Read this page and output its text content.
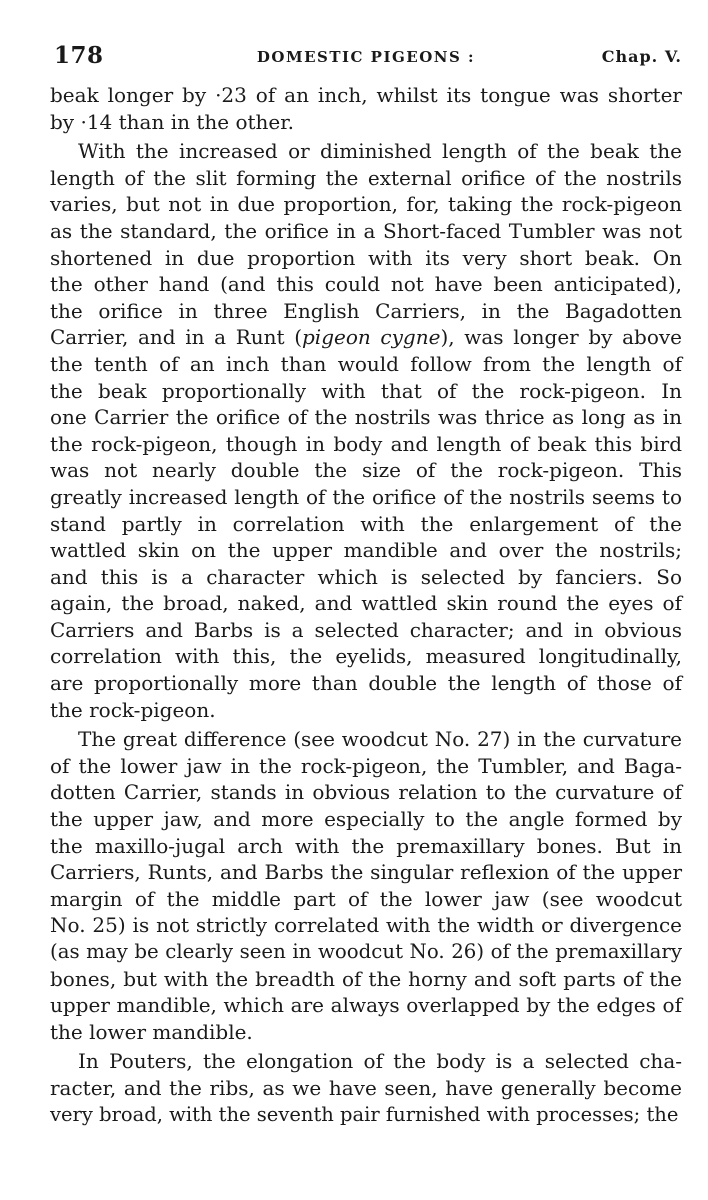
178	DOMESTIC PIGEONS :	Chap. V.
beak longer by ·23 of an inch, whilst its tongue was shorter
by ·14 than in the other.
With the increased or diminished length of the beak the
length of the slit forming the external orifice of the nostrils
varies, but not in due proportion, for, taking the rock-pigeon
as the standard, the orifice in a Short-faced Tumbler was not
shortened in due proportion with its very short beak. On
the other hand (and this could not have been anticipated),
the orifice in three English Carriers, in the Bagadotten
Carrier, and in a Runt (pigeon cygne), was longer by above
the tenth of an inch than would follow from the length of
the beak proportionally with that of the rock-pigeon. In
one Carrier the orifice of the nostrils was thrice as long as in
the rock-pigeon, though in body and length of beak this bird
was not nearly double the size of the rock-pigeon. This
greatly increased length of the orifice of the nostrils seems to
stand partly in correlation with the enlargement of the
wattled skin on the upper mandible and over the nostrils;
and this is a character which is selected by fanciers. So
again, the broad, naked, and wattled skin round the eyes of
Carriers and Barbs is a selected character; and in obvious
correlation with this, the eyelids, measured longitudinally,
are proportionally more than double the length of those of
the rock-pigeon.
The great difference (see woodcut No. 27) in the curvature
of the lower jaw in the rock-pigeon, the Tumbler, and Baga-
dotten Carrier, stands in obvious relation to the curvature of
the upper jaw, and more especially to the angle formed by
the maxillo-jugal arch with the premaxillary bones. But in
Carriers, Runts, and Barbs the singular reflexion of the upper
margin of the middle part of the lower jaw (see woodcut
No. 25) is not strictly correlated with the width or divergence
(as may be clearly seen in woodcut No. 26) of the premaxillary
bones, but with the breadth of the horny and soft parts of the
upper mandible, which are always overlapped by the edges of
the lower mandible.
In Pouters, the elongation of the body is a selected cha-
racter, and the ribs, as we have seen, have generally become
very broad, with the seventh pair furnished with processes; the
